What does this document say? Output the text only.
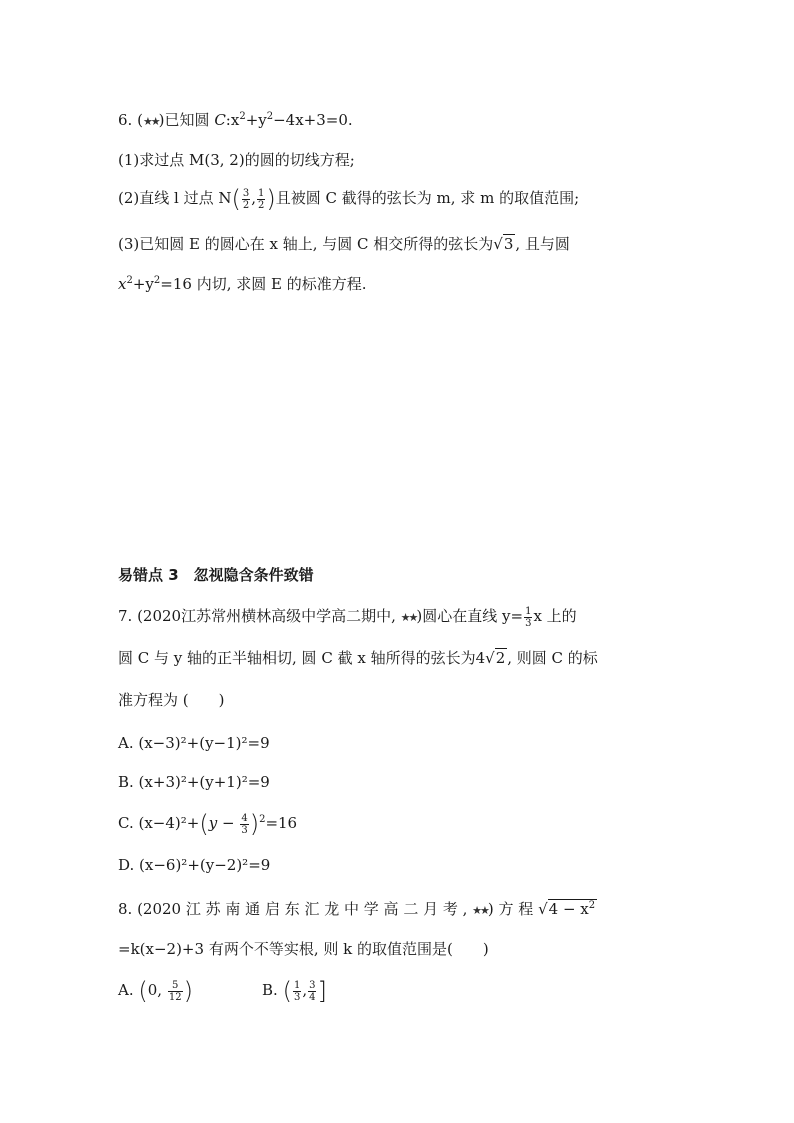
6. (★★)已知圆 $C:x^2+y^2-4x+3=0$.
(1)求过点 M(3, 2)的圆的切线方程;
(2)直线 l 过点 $N( \frac{3}{2}$ , $\frac{1}{2}$ )且被圆 C 截得的弦长为 m, 求 m 的取值范围;
(3)已知圆 E 的圆心在 x 轴上, 与圆 C 相交所得的弦长为√3 , 且与圆
$x^2+y^2=16$ 内切, 求圆 E 的标准方程.
易错点 3　忽视隐含条件致错
7. (2020江苏常州横林高级中学高二期中, ★★)圆心在直线 $y= \frac{1}{3}$ x 上的
圆 C 与 y 轴的正半轴相切, 圆 C 截 x 轴所得的弦长为4√2 , 则圆 C 的标
准方程为 (　　)
A. (x−3)²+(y−1)²=9
B. (x+3)²+(y+1)²=9
C. $(x-4)^2+(y - \frac{4}{3} )^2=16$
D. (x−6)²+(y−2)²=9
8. (2020 江 苏 南 通 启 东 汇 龙 中 学 高 二 月 考 , ★★) 方 程 $√4 - x^2$
=k(x−2)+3 有两个不等实根, 则 k 的取值范围是(　　)
A. (0, $\frac{5}{12}$ )	B. ( $\frac{1}{3}$ , $\frac{3}{4}$ ]
